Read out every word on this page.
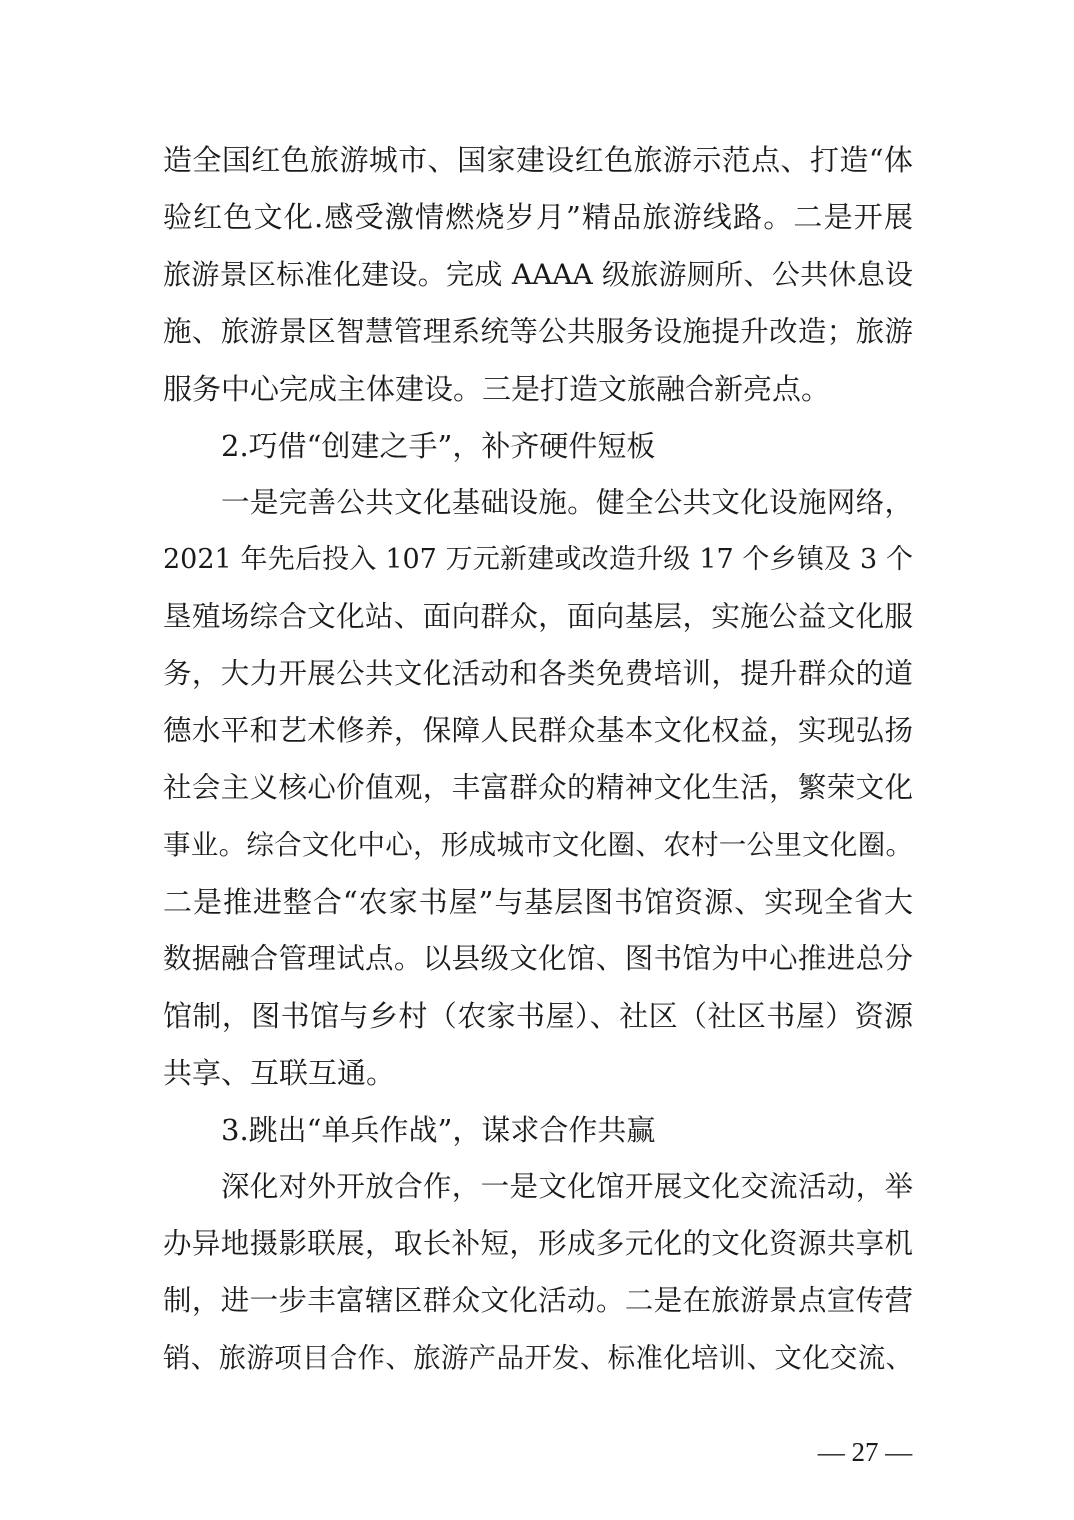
造全国红色旅游城市、国家建设红色旅游示范点、打造“体
验红色文化.感受激情燃烧岁月”精品旅游线路。二是开展
旅游景区标准化建设。完成 AAAA 级旅游厕所、公共休息设
施、旅游景区智慧管理系统等公共服务设施提升改造；旅游
服务中心完成主体建设。三是打造文旅融合新亮点。
2.巧借“创建之手”，补齐硬件短板
一是完善公共文化基础设施。健全公共文化设施网络，
2021 年先后投入 107 万元新建或改造升级 17 个乡镇及 3 个
垦殖场综合文化站、面向群众，面向基层，实施公益文化服
务，大力开展公共文化活动和各类免费培训，提升群众的道
德水平和艺术修养，保障人民群众基本文化权益，实现弘扬
社会主义核心价值观，丰富群众的精神文化生活，繁荣文化
事业。综合文化中心，形成城市文化圈、农村一公里文化圈。
二是推进整合“农家书屋”与基层图书馆资源、实现全省大
数据融合管理试点。以县级文化馆、图书馆为中心推进总分
馆制，图书馆与乡村（农家书屋）、社区（社区书屋）资源
共享、互联互通。
3.跳出“单兵作战”，谋求合作共赢
深化对外开放合作，一是文化馆开展文化交流活动，举
办异地摄影联展，取长补短，形成多元化的文化资源共享机
制，进一步丰富辖区群众文化活动。二是在旅游景点宣传营
销、旅游项目合作、旅游产品开发、标准化培训、文化交流、
— 27 —
